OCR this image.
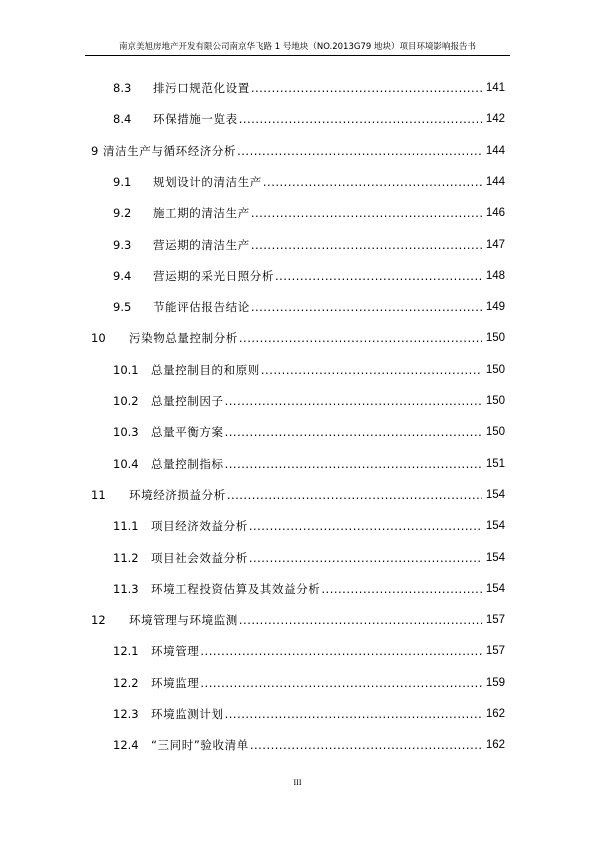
南京美旭房地产开发有限公司南京华飞路 1 号地块（NO.2013G79 地块）项目环境影响报告书
8.3	排污口规范化设置 .....	141
8.4	环保措施一览表 .....	142
9 清洁生产与循环经济分析 .....	144
9.1	规划设计的清洁生产 .....	144
9.2	施工期的清洁生产 .....	146
9.3	营运期的清洁生产 .....	147
9.4	营运期的采光日照分析 .....	148
9.5	节能评估报告结论 .....	149
10	污染物总量控制分析 .....	150
10.1	总量控制目的和原则 .....	150
10.2	总量控制因子 .....	150
10.3	总量平衡方案 .....	150
10.4	总量控制指标 .....	151
11	环境经济损益分析 .....	154
11.1	项目经济效益分析 .....	154
11.2	项目社会效益分析 .....	154
11.3	环境工程投资估算及其效益分析 .....	154
12	环境管理与环境监测 .....	157
12.1	环境管理 .....	157
12.2	环境监理 .....	159
12.3	环境监测计划 .....	162
12.4	“三同时”验收清单 .....	162
III
